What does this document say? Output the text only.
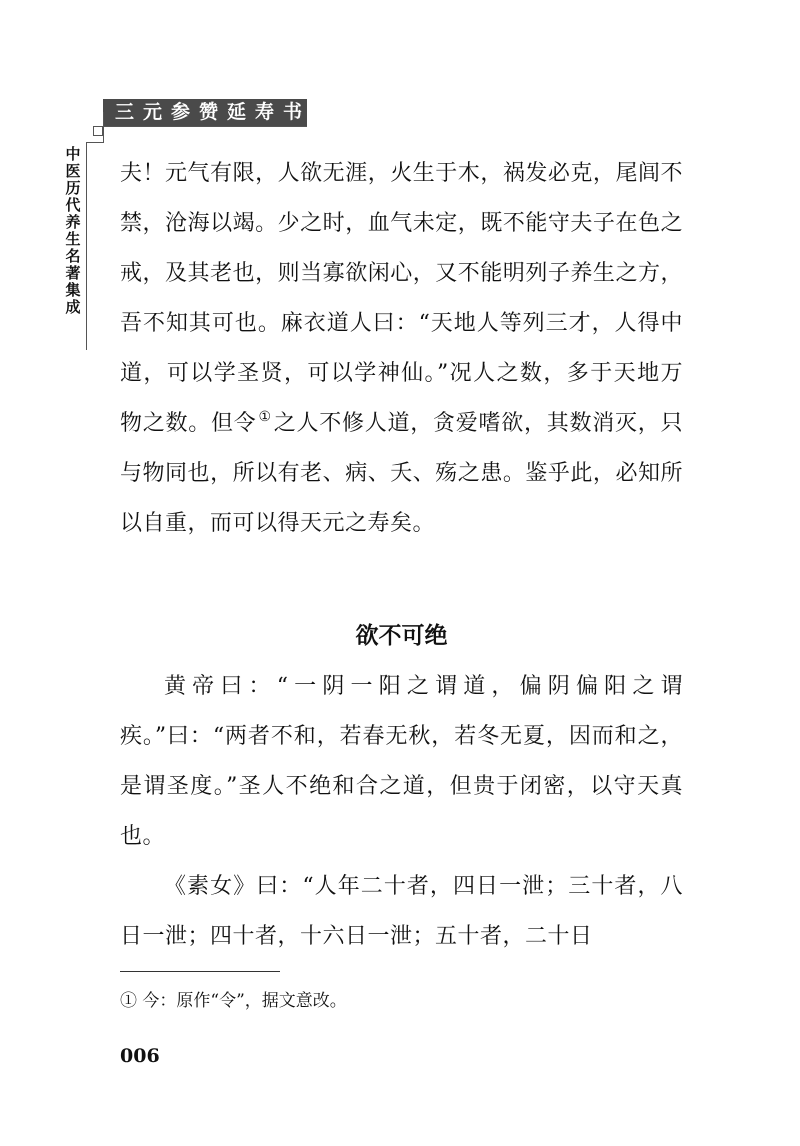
三元参赞延寿书
中医历代养生名著集成

夫！元气有限，人欲无涯，火生于木，祸发必克，尾闾不禁，沧海以竭。少之时，血气未定，既不能守夫子在色之戒，及其老也，则当寡欲闲心，又不能明列子养生之方，吾不知其可也。麻衣道人曰：“天地人等列三才，人得中道，可以学圣贤，可以学神仙。”况人之数，多于天地万物之数。但令 ①之人不修人道，贪爱嗜欲，其数消灭，只与物同也，所以有老、病、夭、殇之患。鉴乎此，必知所以自重，而可以得天元之寿矣。

欲不可绝

黄帝曰：“一阴一阳之谓道，偏阴偏阳之谓疾。”曰：“两者不和，若春无秋，若冬无夏，因而和之，是谓圣度。”圣人不绝和合之道，但贵于闭密，以守天真也。

《素女》曰：“人年二十者，四日一泄；三十者，八日一泄；四十者，十六日一泄；五十者，二十日

① 今：原作“令”，据文意改。
006
